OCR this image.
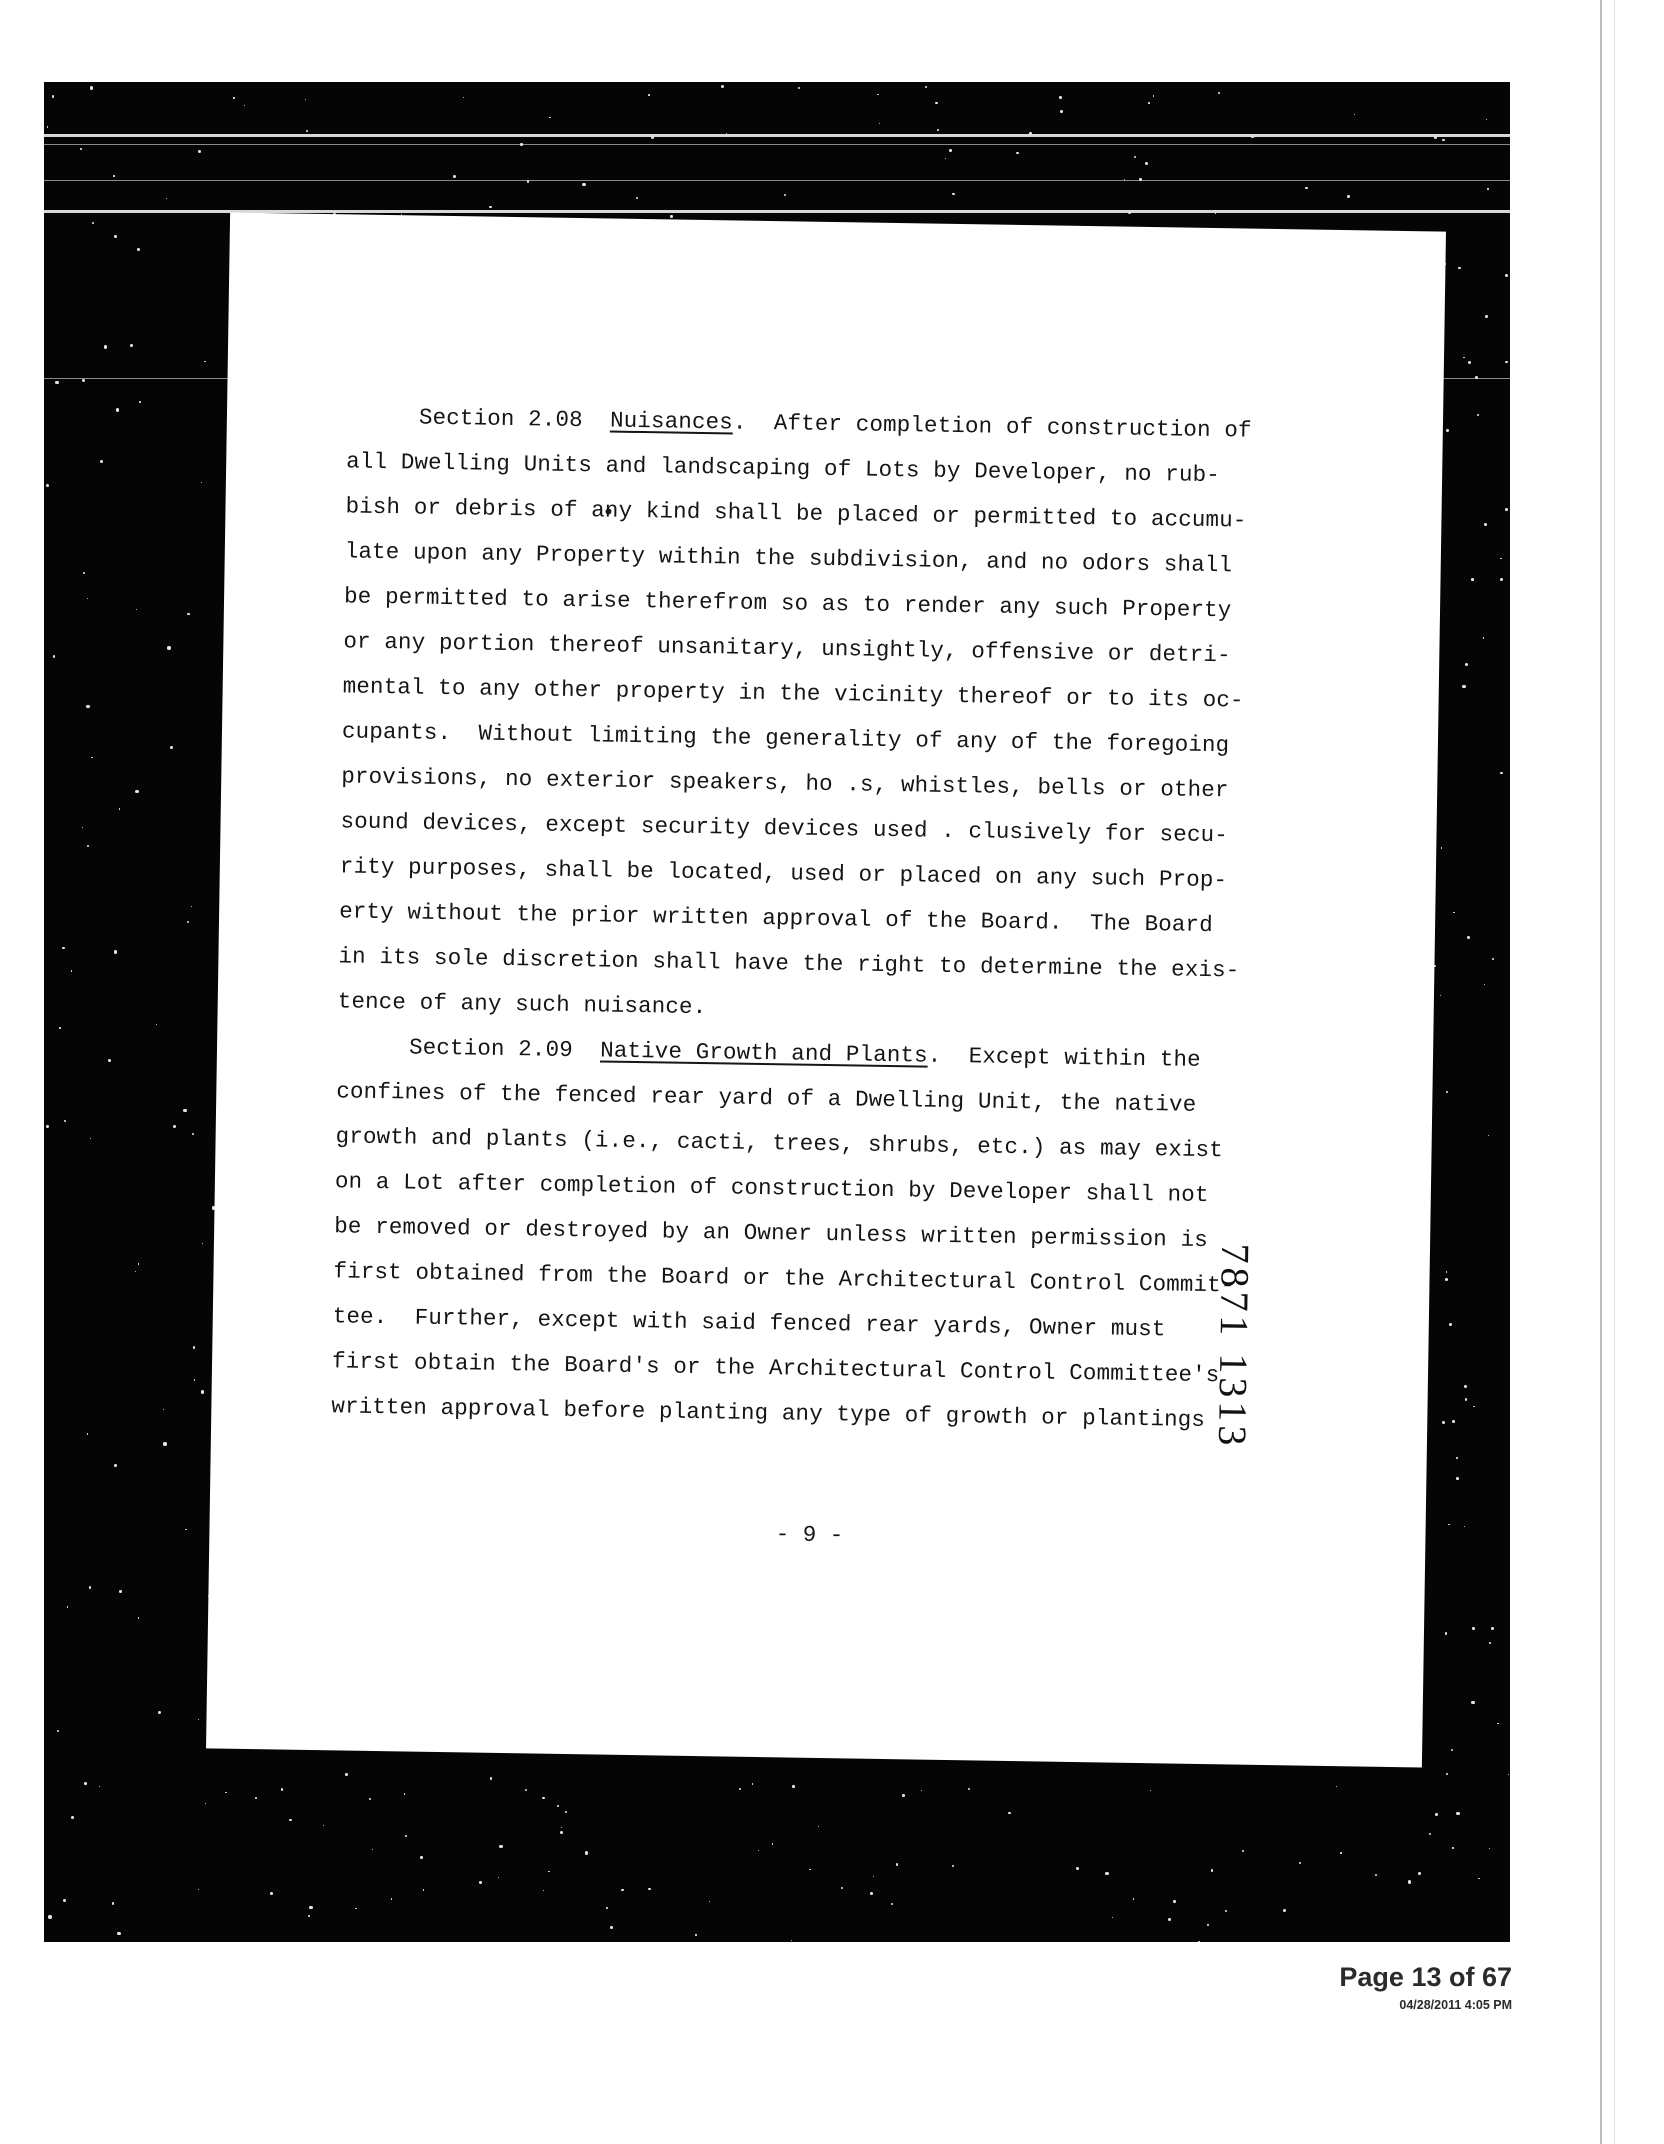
Section 2.08  Nuisances.  After completion of construction of
all Dwelling Units and landscaping of Lots by Developer, no rub-
bish or debris of any kind shall be placed or permitted to accumu-
late upon any Property within the subdivision, and no odors shall
be permitted to arise therefrom so as to render any such Property
or any portion thereof unsanitary, unsightly, offensive or detri-
mental to any other property in the vicinity thereof or to its oc-
cupants.  Without limiting the generality of any of the foregoing
provisions, no exterior speakers, ho .s, whistles, bells or other
sound devices, except security devices used . clusively for secu-
rity purposes, shall be located, used or placed on any such Prop-
erty without the prior written approval of the Board.  The Board
in its sole discretion shall have the right to determine the exis-
tence of any such nuisance.
Section 2.09  Native Growth and Plants.  Except within the
confines of the fenced rear yard of a Dwelling Unit, the native
growth and plants (i.e., cacti, trees, shrubs, etc.) as may exist
on a Lot after completion of construction by Developer shall not
be removed or destroyed by an Owner unless written permission is
first obtained from the Board or the Architectural Control Commit-
tee.  Further, except with said fenced rear yards, Owner must
first obtain the Board's or the Architectural Control Committee's
written approval before planting any type of growth or plantings
- 9 -
7871 1313
Page 13 of 67
04/28/2011 4:05 PM
